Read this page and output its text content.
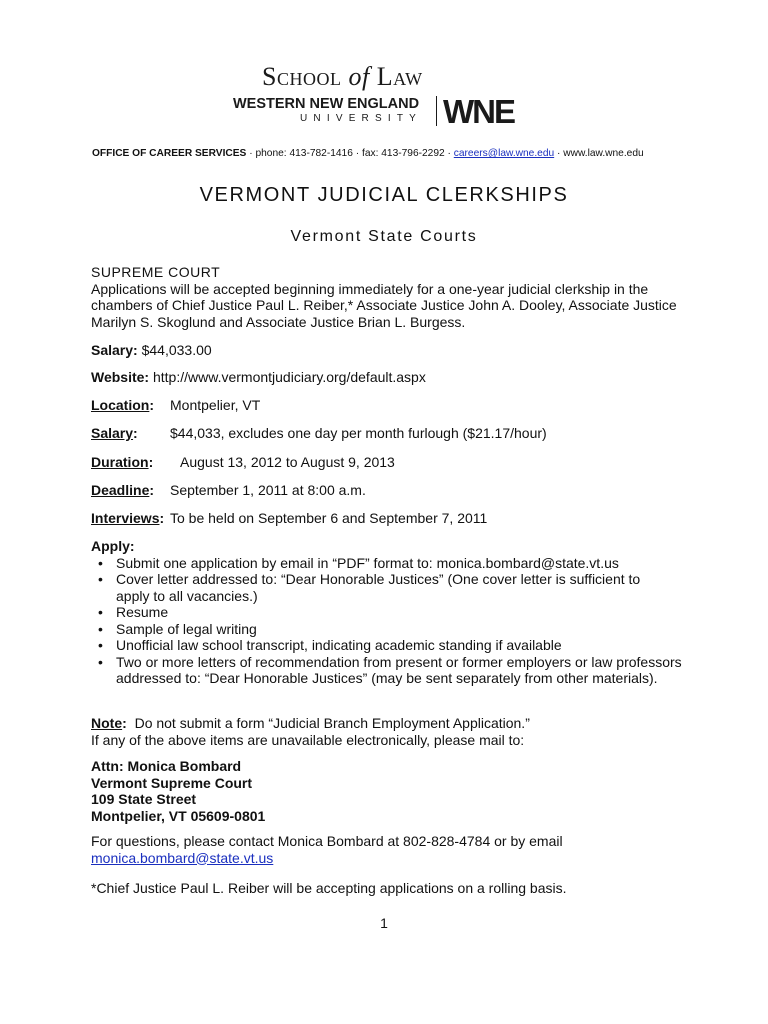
School of Law
WESTERN NEW ENGLAND
UNIVERSITY WNE
OFFICE OF CAREER SERVICES · phone: 413-782-1416 · fax: 413-796-2292 · careers@law.wne.edu · www.law.wne.edu
VERMONT JUDICIAL CLERKSHIPS
Vermont State Courts
SUPREME COURT
Applications will be accepted beginning immediately for a one-year judicial clerkship in the chambers of Chief Justice Paul L. Reiber,* Associate Justice John A. Dooley, Associate Justice Marilyn S. Skoglund and Associate Justice Brian L. Burgess.
Salary: $44,033.00
Website: http://www.vermontjudiciary.org/default.aspx
Location: Montpelier, VT
Salary: $44,033, excludes one day per month furlough ($21.17/hour)
Duration: August 13, 2012 to August 9, 2013
Deadline: September 1, 2011 at 8:00 a.m.
Interviews: To be held on September 6 and September 7, 2011
Apply:
• Submit one application by email in “PDF” format to: monica.bombard@state.vt.us
• Cover letter addressed to: “Dear Honorable Justices” (One cover letter is sufficient to apply to all vacancies.)
• Resume
• Sample of legal writing
• Unofficial law school transcript, indicating academic standing if available
• Two or more letters of recommendation from present or former employers or law professors addressed to: “Dear Honorable Justices” (may be sent separately from other materials).
Note: Do not submit a form “Judicial Branch Employment Application.”
If any of the above items are unavailable electronically, please mail to:
Attn: Monica Bombard
Vermont Supreme Court
109 State Street
Montpelier, VT 05609-0801
For questions, please contact Monica Bombard at 802-828-4784 or by email
monica.bombard@state.vt.us
*Chief Justice Paul L. Reiber will be accepting applications on a rolling basis.
1
